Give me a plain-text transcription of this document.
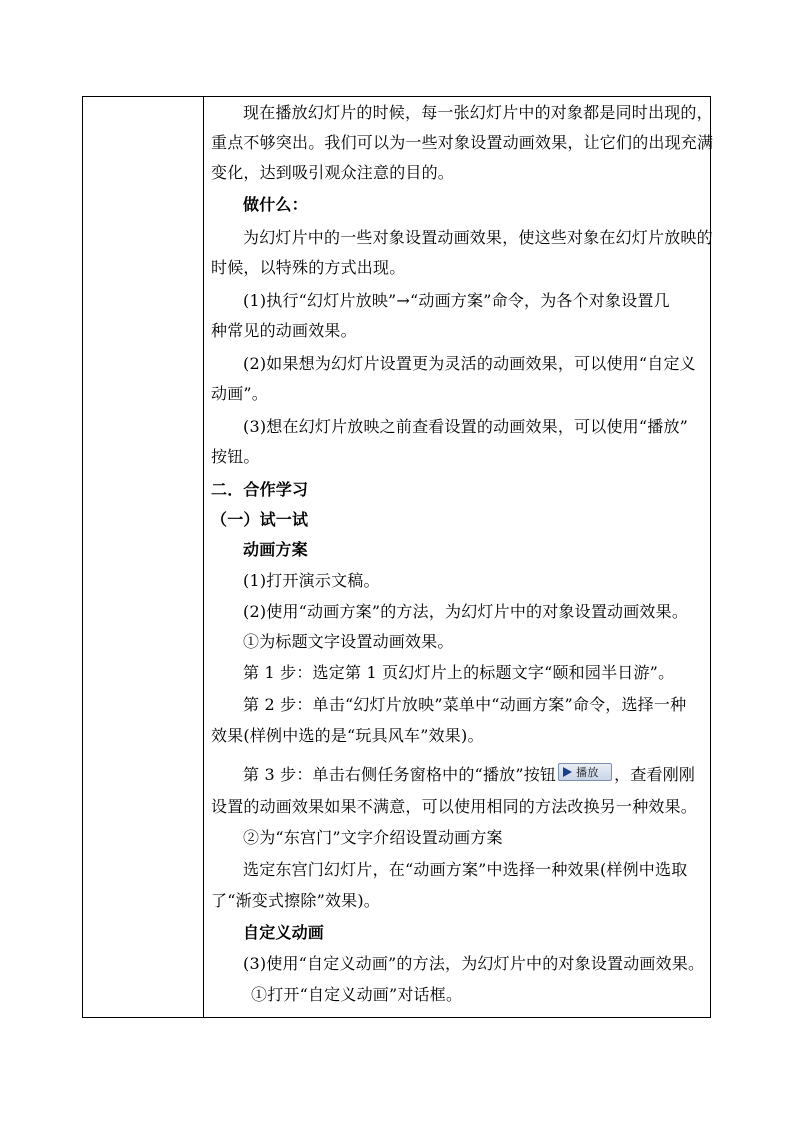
现在播放幻灯片的时候，每一张幻灯片中的对象都是同时出现的，
重点不够突出。我们可以为一些对象设置动画效果，让它们的出现充满
变化，达到吸引观众注意的目的。
做什么：
为幻灯片中的一些对象设置动画效果，使这些对象在幻灯片放映的
时候，以特殊的方式出现。
(1)执行“幻灯片放映”→“动画方案”命令，为各个对象设置几
种常见的动画效果。
(2)如果想为幻灯片设置更为灵活的动画效果，可以使用“自定义
动画”。
(3)想在幻灯片放映之前查看设置的动画效果，可以使用“播放”
按钮。
二．合作学习
（一）试一试
动画方案
(1)打开演示文稿。
(2)使用“动画方案”的方法，为幻灯片中的对象设置动画效果。
①为标题文字设置动画效果。
第 1 步：选定第 1 页幻灯片上的标题文字“颐和园半日游”。
第 2 步：单击“幻灯片放映”菜单中“动画方案”命令，选择一种
效果(样例中选的是“玩具风车”效果)。
第 3 步：单击右侧任务窗格中的“播放”按钮 播放 ，查看刚刚
设置的动画效果如果不满意，可以使用相同的方法改换另一种效果。
②为“东宫门”文字介绍设置动画方案
选定东宫门幻灯片，在“动画方案”中选择一种效果(样例中选取
了“渐变式擦除”效果)。
自定义动画
(3)使用“自定义动画”的方法，为幻灯片中的对象设置动画效果。
①打开“自定义动画”对话框。
